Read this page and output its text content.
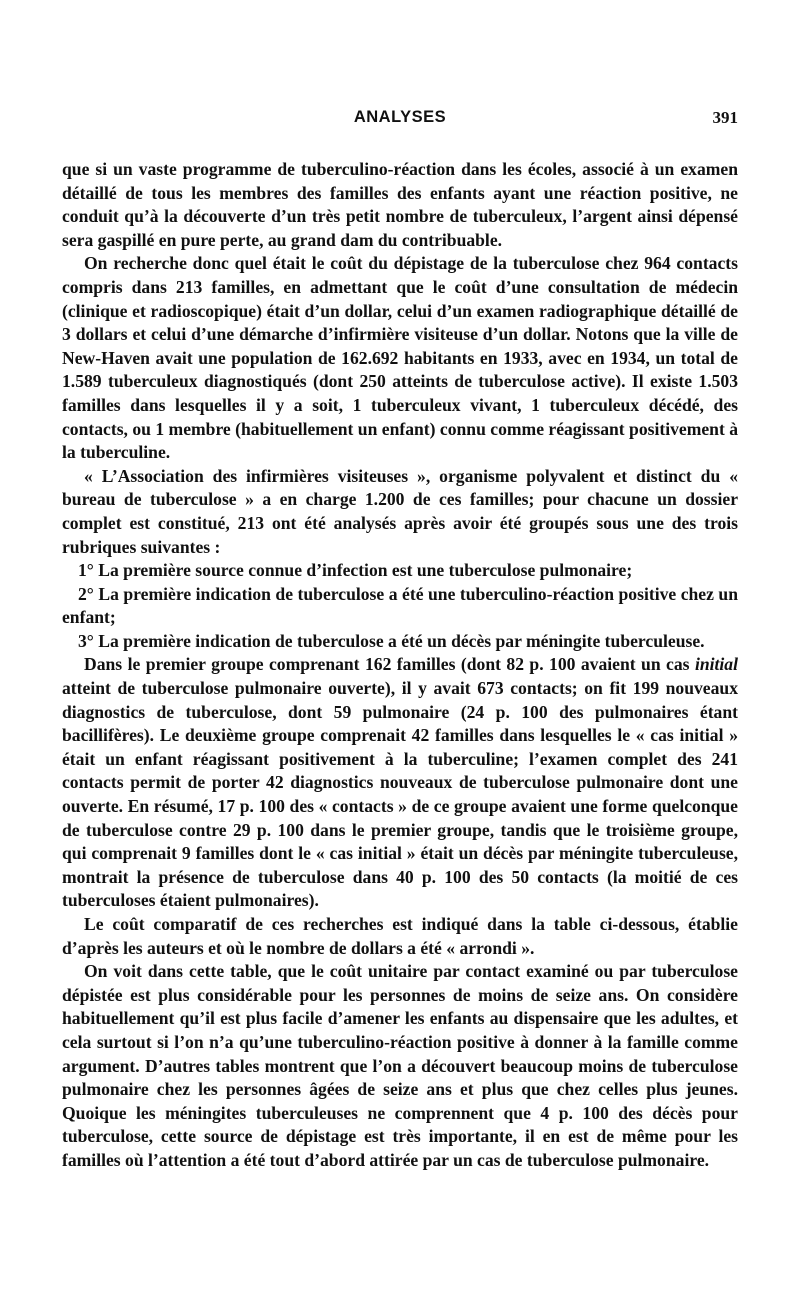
ANALYSES	391

que si un vaste programme de tuberculino-réaction dans les écoles, associé à un examen détaillé de tous les membres des familles des enfants ayant une réaction positive, ne conduit qu’à la découverte d’un très petit nombre de tuberculeux, l’argent ainsi dépensé sera gaspillé en pure perte, au grand dam du contribuable.

On recherche donc quel était le coût du dépistage de la tuberculose chez 964 contacts compris dans 213 familles, en admettant que le coût d’une consultation de médecin (clinique et radioscopique) était d’un dollar, celui d’un examen radiographique détaillé de 3 dollars et celui d’une démarche d’infirmière visiteuse d’un dollar. Notons que la ville de New-Haven avait une population de 162.692 habitants en 1933, avec en 1934, un total de 1.589 tuberculeux diagnostiqués (dont 250 atteints de tuberculose active). Il existe 1.503 familles dans lesquelles il y a soit, 1 tuberculeux vivant, 1 tuberculeux décédé, des contacts, ou 1 membre (habituellement un enfant) connu comme réagissant positivement à la tuberculine.

« L’Association des infirmières visiteuses », organisme polyvalent et distinct du « bureau de tuberculose » a en charge 1.200 de ces familles; pour chacune un dossier complet est constitué, 213 ont été analysés après avoir été groupés sous une des trois rubriques suivantes :

1° La première source connue d’infection est une tuberculose pulmonaire;

2° La première indication de tuberculose a été une tuberculino-réaction positive chez un enfant;

3° La première indication de tuberculose a été un décès par méningite tuberculeuse.

Dans le premier groupe comprenant 162 familles (dont 82 p. 100 avaient un cas initial atteint de tuberculose pulmonaire ouverte), il y avait 673 contacts; on fit 199 nouveaux diagnostics de tuberculose, dont 59 pulmonaire (24 p. 100 des pulmonaires étant bacillifères). Le deuxième groupe comprenait 42 familles dans lesquelles le « cas initial » était un enfant réagissant positivement à la tuberculine; l’examen complet des 241 contacts permit de porter 42 diagnostics nouveaux de tuberculose pulmonaire dont une ouverte. En résumé, 17 p. 100 des « contacts » de ce groupe avaient une forme quelconque de tuberculose contre 29 p. 100 dans le premier groupe, tandis que le troisième groupe, qui comprenait 9 familles dont le « cas initial » était un décès par méningite tuberculeuse, montrait la présence de tuberculose dans 40 p. 100 des 50 contacts (la moitié de ces tuberculoses étaient pulmonaires).

Le coût comparatif de ces recherches est indiqué dans la table ci-dessous, établie d’après les auteurs et où le nombre de dollars a été « arrondi ».

On voit dans cette table, que le coût unitaire par contact examiné ou par tuberculose dépistée est plus considérable pour les personnes de moins de seize ans. On considère habituellement qu’il est plus facile d’amener les enfants au dispensaire que les adultes, et cela surtout si l’on n’a qu’une tuberculino-réaction positive à donner à la famille comme argument. D’autres tables montrent que l’on a découvert beaucoup moins de tuberculose pulmonaire chez les personnes âgées de seize ans et plus que chez celles plus jeunes. Quoique les méningites tuberculeuses ne comprennent que 4 p. 100 des décès pour tuberculose, cette source de dépistage est très importante, il en est de même pour les familles où l’attention a été tout d’abord attirée par un cas de tuberculose pulmonaire.
